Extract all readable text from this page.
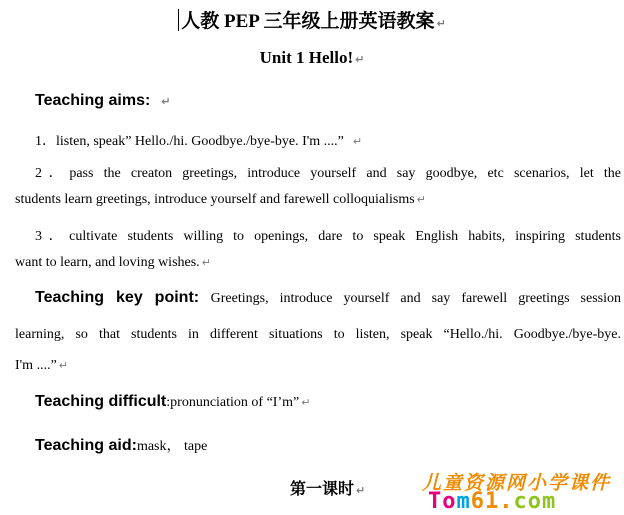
人教 PEP 三年级上册英语教案 ↵
Unit 1 Hello! ↵
Teaching aims: ↵
1．listen, speak” Hello./hi. Goodbye./bye-bye. I'm ....” ↵
2．pass the creaton greetings, introduce yourself and say goodbye, etc scenarios, let the
students learn greetings, introduce yourself and farewell colloquialisms ↵
3．cultivate students willing to openings, dare to speak English habits, inspiring students
want to learn, and loving wishes. ↵
Teaching key point: Greetings, introduce yourself and say farewell greetings session
learning, so that students in different situations to listen, speak “Hello./hi. Goodbye./bye-bye.
I'm ....” ↵
Teaching difficult:pronunciation of “I’m” ↵
Teaching aid:mask， tape
第一课时 ↵	儿童资源网小学课件
Tom61.com
